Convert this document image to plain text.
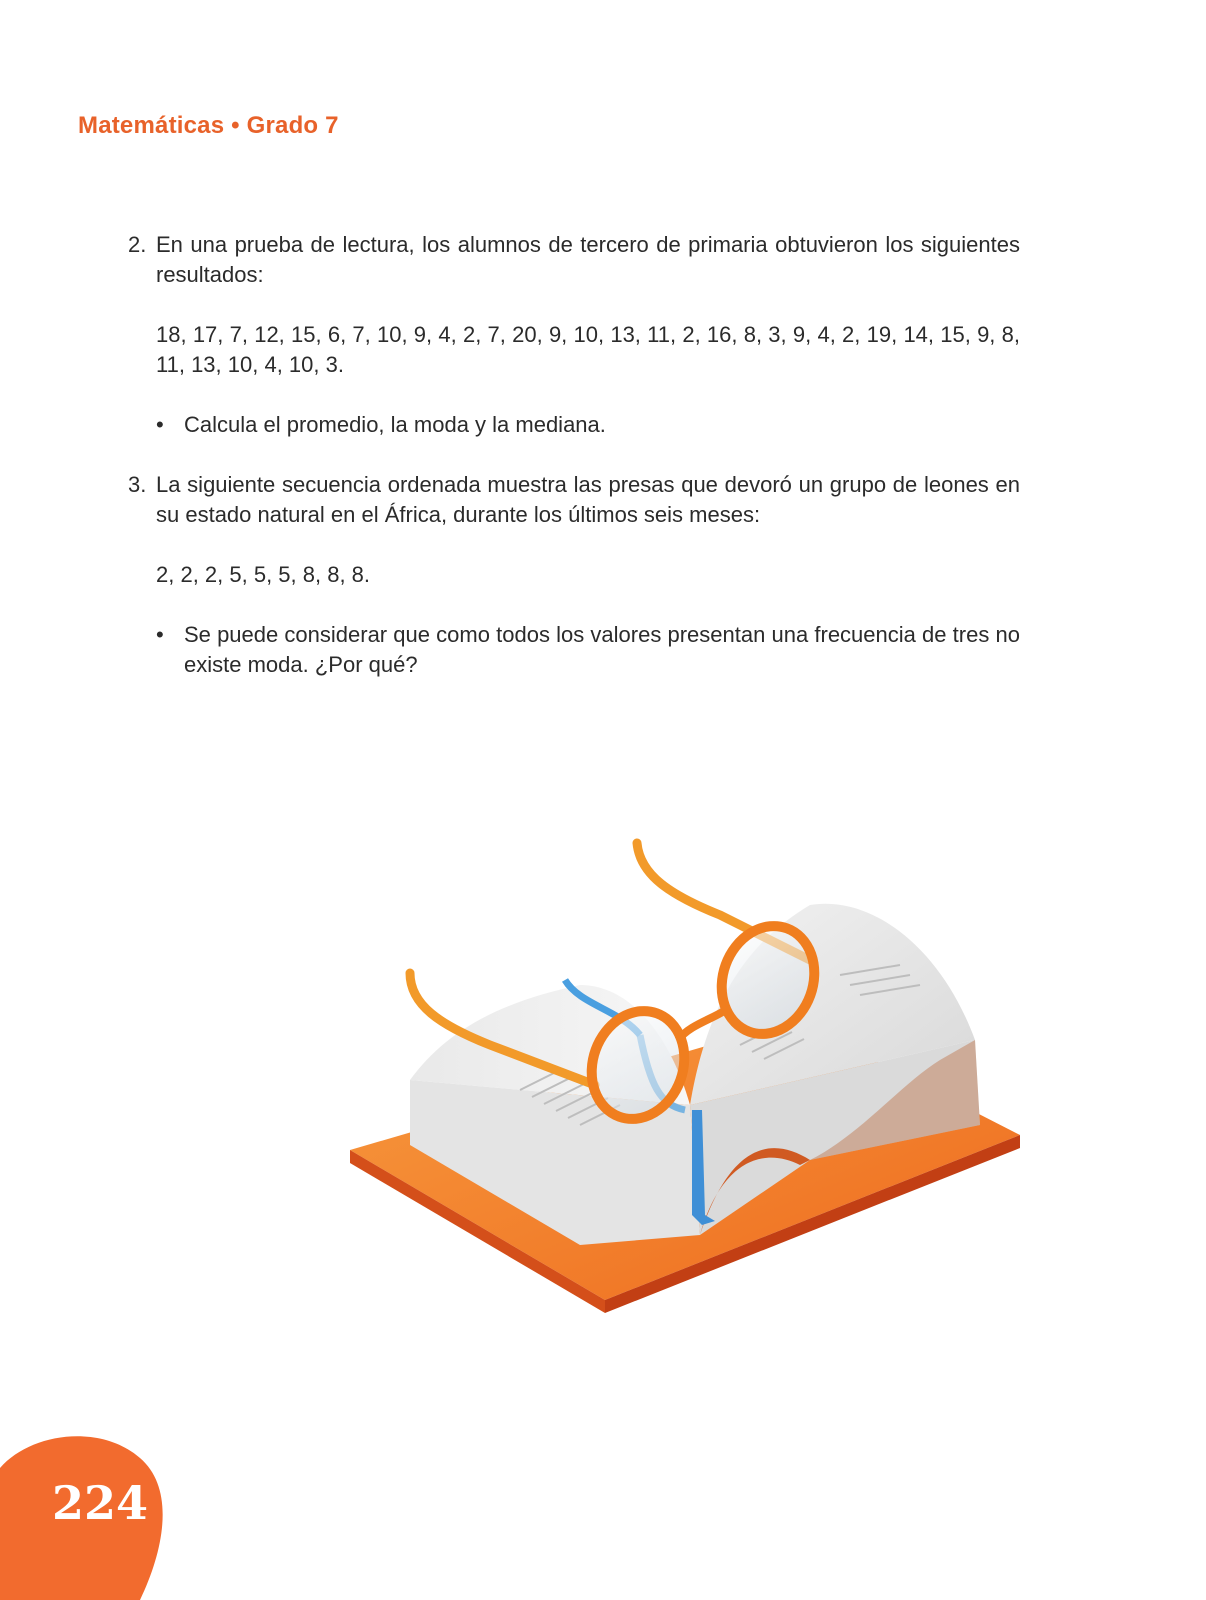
Matemáticas • Grado 7
2. En una prueba de lectura, los alumnos de tercero de primaria obtuvieron los siguientes resultados:
18, 17, 7, 12, 15, 6, 7, 10, 9, 4, 2, 7, 20, 9, 10, 13, 11, 2, 16, 8, 3, 9, 4, 2, 19, 14, 15, 9, 8, 11, 13, 10, 4, 10, 3.
• Calcula el promedio, la moda y la mediana.
3. La siguiente secuencia ordenada muestra las presas que devoró un grupo de leones en su estado natural en el África, durante los últimos seis meses:
2, 2, 2, 5, 5, 5, 8, 8, 8.
• Se puede considerar que como todos los valores presentan una frecuencia de tres no existe moda. ¿Por qué?
224
